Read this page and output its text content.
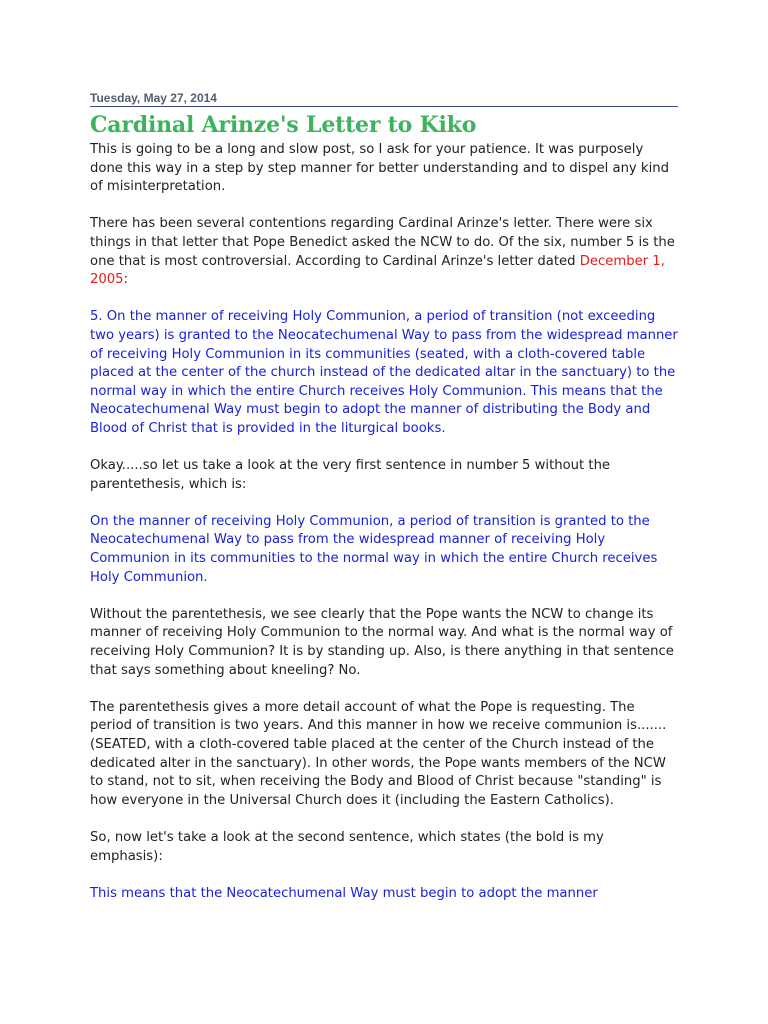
Tuesday, May 27, 2014
Cardinal Arinze's Letter to Kiko

This is going to be a long and slow post, so I ask for your patience. It was purposely done this way in a step by step manner for better understanding and to dispel any kind of misinterpretation.

There has been several contentions regarding Cardinal Arinze's letter. There were six things in that letter that Pope Benedict asked the NCW to do. Of the six, number 5 is the one that is most controversial. According to Cardinal Arinze's letter dated December 1, 2005:

5. On the manner of receiving Holy Communion, a period of transition (not exceeding two years) is granted to the Neocatechumenal Way to pass from the widespread manner of receiving Holy Communion in its communities (seated, with a cloth-covered table placed at the center of the church instead of the dedicated altar in the sanctuary) to the normal way in which the entire Church receives Holy Communion. This means that the Neocatechumenal Way must begin to adopt the manner of distributing the Body and Blood of Christ that is provided in the liturgical books.

Okay.....so let us take a look at the very first sentence in number 5 without the parentethesis, which is:

On the manner of receiving Holy Communion, a period of transition is granted to the Neocatechumenal Way to pass from the widespread manner of receiving Holy Communion in its communities to the normal way in which the entire Church receives Holy Communion.

Without the parentethesis, we see clearly that the Pope wants the NCW to change its manner of receiving Holy Communion to the normal way. And what is the normal way of receiving Holy Communion? It is by standing up. Also, is there anything in that sentence that says something about kneeling? No.

The parentethesis gives a more detail account of what the Pope is requesting. The period of transition is two years. And this manner in how we receive communion is.......(SEATED, with a cloth-covered table placed at the center of the Church instead of the dedicated alter in the sanctuary). In other words, the Pope wants members of the NCW to stand, not to sit, when receiving the Body and Blood of Christ because "standing" is how everyone in the Universal Church does it (including the Eastern Catholics).

So, now let's take a look at the second sentence, which states (the bold is my emphasis):

This means that the Neocatechumenal Way must begin to adopt the manner
